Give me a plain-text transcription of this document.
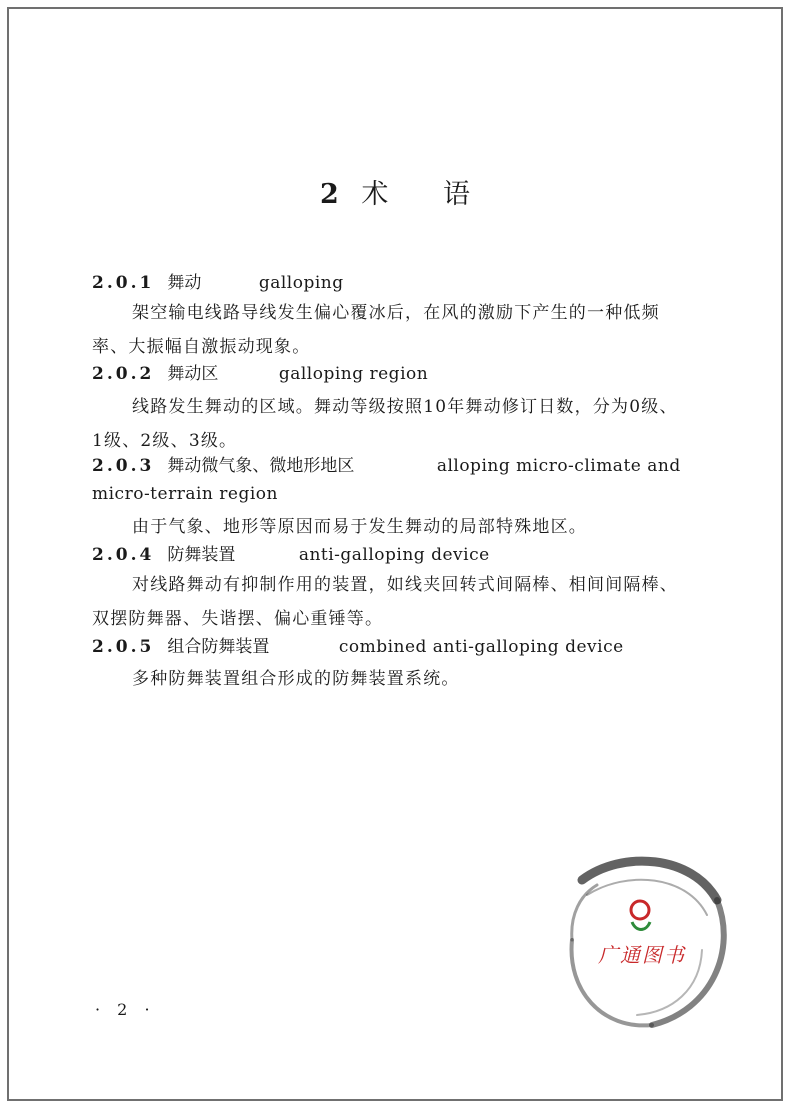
2 术 语
2.0.1 舞动	galloping
架空输电线路导线发生偏心覆冰后，在风的激励下产生的一种低频率、大振幅自激振动现象。
2.0.2 舞动区	galloping region
线路发生舞动的区域。舞动等级按照10年舞动修订日数，分为0级、1级、2级、3级。
2.0.3 舞动微气象、微地形地区	alloping micro-climate and
micro-terrain region
由于气象、地形等原因而易于发生舞动的局部特殊地区。
2.0.4 防舞装置	anti-galloping device
对线路舞动有抑制作用的装置，如线夹回转式间隔棒、相间间隔棒、双摆防舞器、失谐摆、偏心重锤等。
2.0.5 组合防舞装置	combined anti-galloping device
多种防舞装置组合形成的防舞装置系统。
· 2 ·
广通图书
